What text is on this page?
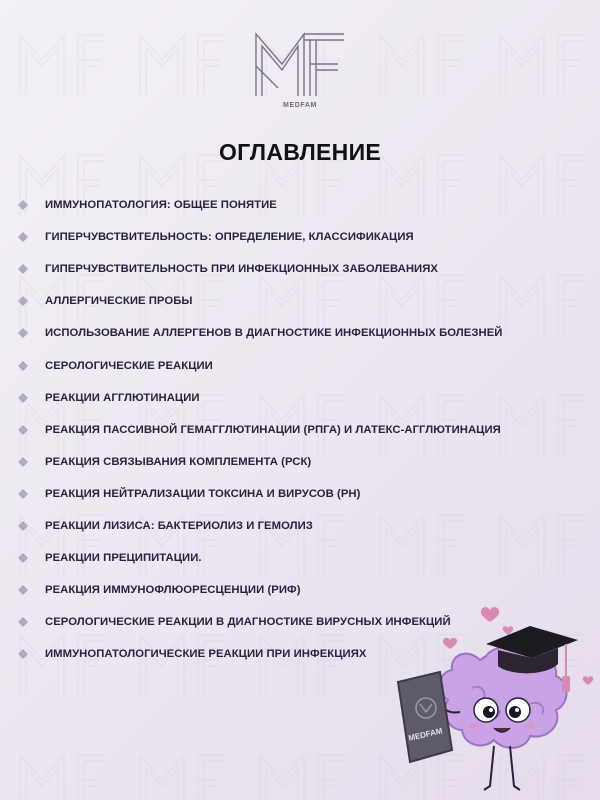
MEDFAM
ОГЛАВЛЕНИЕ
ИММУНОПАТОЛОГИЯ: ОБЩЕЕ ПОНЯТИЕ
ГИПЕРЧУВСТВИТЕЛЬНОСТЬ: ОПРЕДЕЛЕНИЕ, КЛАССИФИКАЦИЯ
ГИПЕРЧУВСТВИТЕЛЬНОСТЬ ПРИ ИНФЕКЦИОННЫХ ЗАБОЛЕВАНИЯХ
АЛЛЕРГИЧЕСКИЕ ПРОБЫ
ИСПОЛЬЗОВАНИЕ АЛЛЕРГЕНОВ В ДИАГНОСТИКЕ ИНФЕКЦИОННЫХ БОЛЕЗНЕЙ
СЕРОЛОГИЧЕСКИЕ РЕАКЦИИ
РЕАКЦИИ АГГЛЮТИНАЦИИ
РЕАКЦИЯ ПАССИВНОЙ ГЕМАГГЛЮТИНАЦИИ (РПГА) И ЛАТЕКС-АГГЛЮТИНАЦИЯ
РЕАКЦИЯ СВЯЗЫВАНИЯ КОМПЛЕМЕНТА (РСК)
РЕАКЦИЯ НЕЙТРАЛИЗАЦИИ ТОКСИНА И ВИРУСОВ (РН)
РЕАКЦИИ ЛИЗИСА: БАКТЕРИОЛИЗ И ГЕМОЛИЗ
РЕАКЦИИ ПРЕЦИПИТАЦИИ.
РЕАКЦИЯ ИММУНОФЛЮОРЕСЦЕНЦИИ (РИФ)
СЕРОЛОГИЧЕСКИЕ РЕАКЦИИ В ДИАГНОСТИКЕ ВИРУСНЫХ ИНФЕКЦИЙ
ИММУНОПАТОЛОГИЧЕСКИЕ РЕАКЦИИ ПРИ ИНФЕКЦИЯХ
MEDFAM
